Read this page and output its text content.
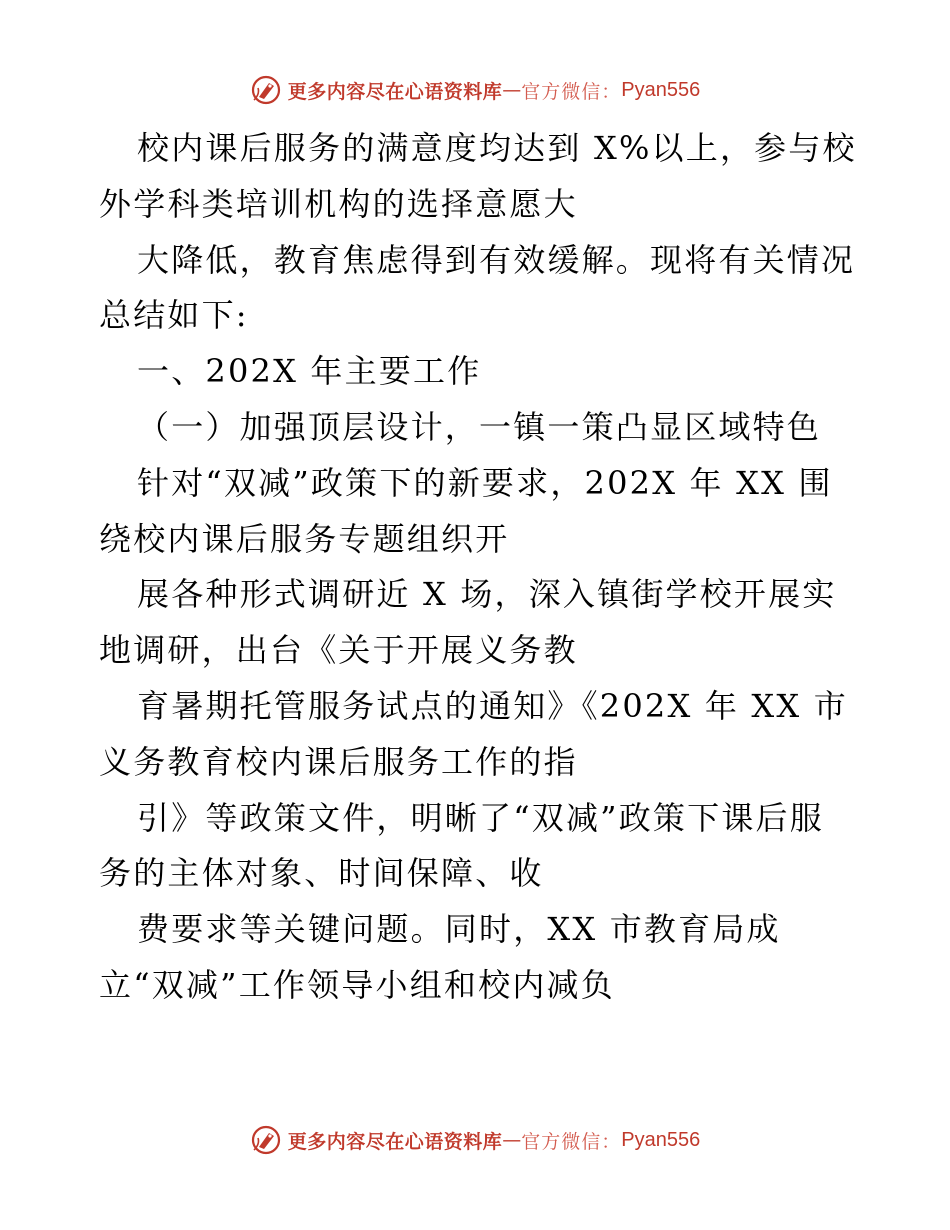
更多内容尽在心语资料库 — 官方微信： Pyan556
校内课后服务的满意度均达到 X%以上，参与校
外学科类培训机构的选择意愿大
大降低，教育焦虑得到有效缓解。现将有关情况
总结如下:
一、202X 年主要工作
（一）加强顶层设计，一镇一策凸显区域特色
针对“双减”政策下的新要求，202X 年 XX 围
绕校内课后服务专题组织开
展各种形式调研近 X 场，深入镇街学校开展实
地调研，出台《关于开展义务教
育暑期托管服务试点的通知》《202X 年 XX 市
义务教育校内课后服务工作的指
引》等政策文件，明晰了“双减”政策下课后服
务的主体对象、时间保障、收
费要求等关键问题。同时，XX 市教育局成
立“双减”工作领导小组和校内减负
更多内容尽在心语资料库 — 官方微信： Pyan556
